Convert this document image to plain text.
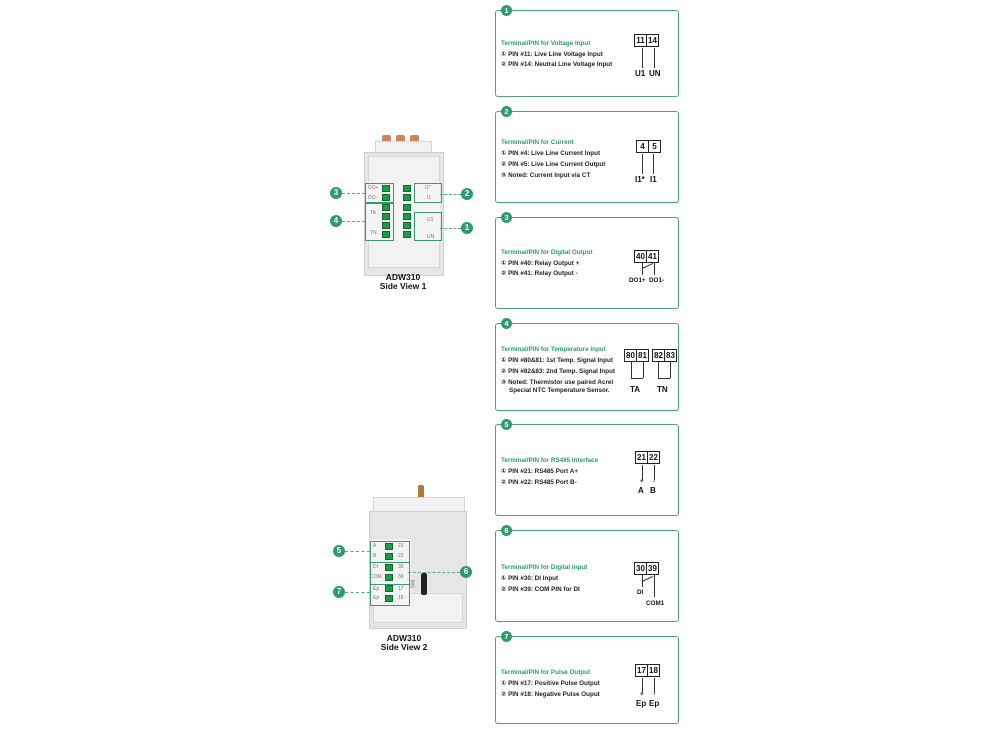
DO+
DO-
TA
TN
I1*
I1
U1
UN
3
4
2
1
ADW310
Side View 1
A
B
DI
COM
Ep
Ep
21
22
30
39
17
18
SIM
5
7
6
ADW310
Side View 2
1
Terminal/PIN for Voltage Input
① PIN #11: Live Line Voltage Input
② PIN #14: Neutral Line Voltage Input
11 14
U1 UN
2
Terminal/PIN for Current
① PIN #4: Live Line Current Input
② PIN #5: Live Line Current Output
③ Noted: Current Input via CT
4 5
I1* I1
3
Terminal/PIN for Digital Output
① PIN #40: Relay Output +
② PIN #41: Relay Output -
40 41
DO1+ DO1-
4
Terminal/PIN for Temperature Input
① PIN #80&81: 1st Temp. Signal Input
② PIN #82&83: 2nd Temp. Signal Input
③ Noted: Thermistor use paired Acrel
Special NTC Temperature Sensor.
80 81 82 83
TA TN
5
Terminal/PIN for RS485 Interface
① PIN #21: RS485 Port A+
② PIN #22: RS485 Port B-
21 22
+ -
A B
6
Terminal/PIN for Digital Input
① PIN #30: DI Input
② PIN #39: COM PIN for DI
30 39
DI
COM1
7
Terminal/PIN for Pulse Output
① PIN #17: Positive Pulse Output
② PIN #18: Negative Pulse Ouput
17 18
+ -
Ep Ep
